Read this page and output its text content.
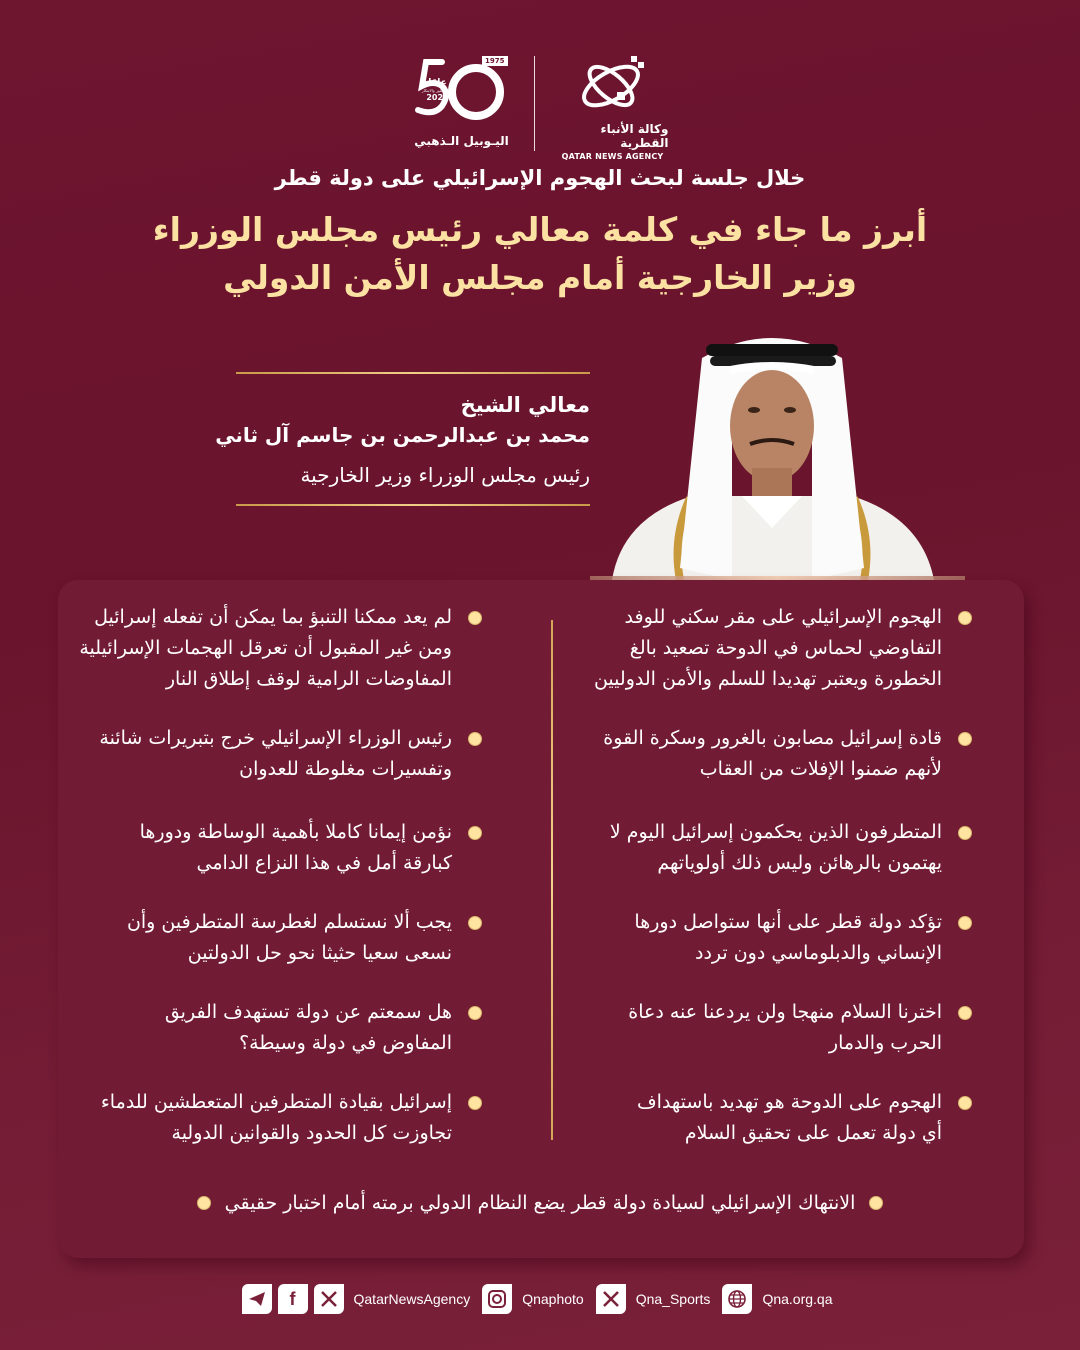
1975
عامًا
من التطور والابتكار
2025
اليـوبيل الـذهبي
وكالة الأنباء القطرية
QATAR NEWS AGENCY
خلال جلسة لبحث الهجوم الإسرائيلي على دولة قطر
أبرز ما جاء في كلمة معالي رئيس مجلس الوزراء
وزير الخارجية أمام مجلس الأمن الدولي
معالي الشيخ
محمد بن عبدالرحمن بن جاسم آل ثاني
رئيس مجلس الوزراء وزير الخارجية
الهجوم الإسرائيلي على مقر سكني للوفد
التفاوضي لحماس في الدوحة تصعيد بالغ
الخطورة ويعتبر تهديدا للسلم والأمن الدوليين
قادة إسرائيل مصابون بالغرور وسكرة القوة
لأنهم ضمنوا الإفلات من العقاب
المتطرفون الذين يحكمون إسرائيل اليوم لا
يهتمون بالرهائن وليس ذلك أولوياتهم
تؤكد دولة قطر على أنها ستواصل دورها
الإنساني والدبلوماسي دون تردد
اخترنا السلام منهجا ولن يردعنا عنه دعاة
الحرب والدمار
الهجوم على الدوحة هو تهديد باستهداف
أي دولة تعمل على تحقيق السلام
لم يعد ممكنا التنبؤ بما يمكن أن تفعله إسرائيل
ومن غير المقبول أن تعرقل الهجمات الإسرائيلية
المفاوضات الرامية لوقف إطلاق النار
رئيس الوزراء الإسرائيلي خرج بتبريرات شائنة
وتفسيرات مغلوطة للعدوان
نؤمن إيمانا كاملا بأهمية الوساطة ودورها
كبارقة أمل في هذا النزاع الدامي
يجب ألا نستسلم لغطرسة المتطرفين وأن
نسعى سعيا حثيثا نحو حل الدولتين
هل سمعتم عن دولة تستهدف الفريق
المفاوض في دولة وسيطة؟
إسرائيل بقيادة المتطرفين المتعطشين للدماء
تجاوزت كل الحدود والقوانين الدولية
الانتهاك الإسرائيلي لسيادة دولة قطر يضع النظام الدولي برمته أمام اختبار حقيقي
f	QatarNewsAgency	Qnaphoto	Qna_Sports	Qna.org.qa
